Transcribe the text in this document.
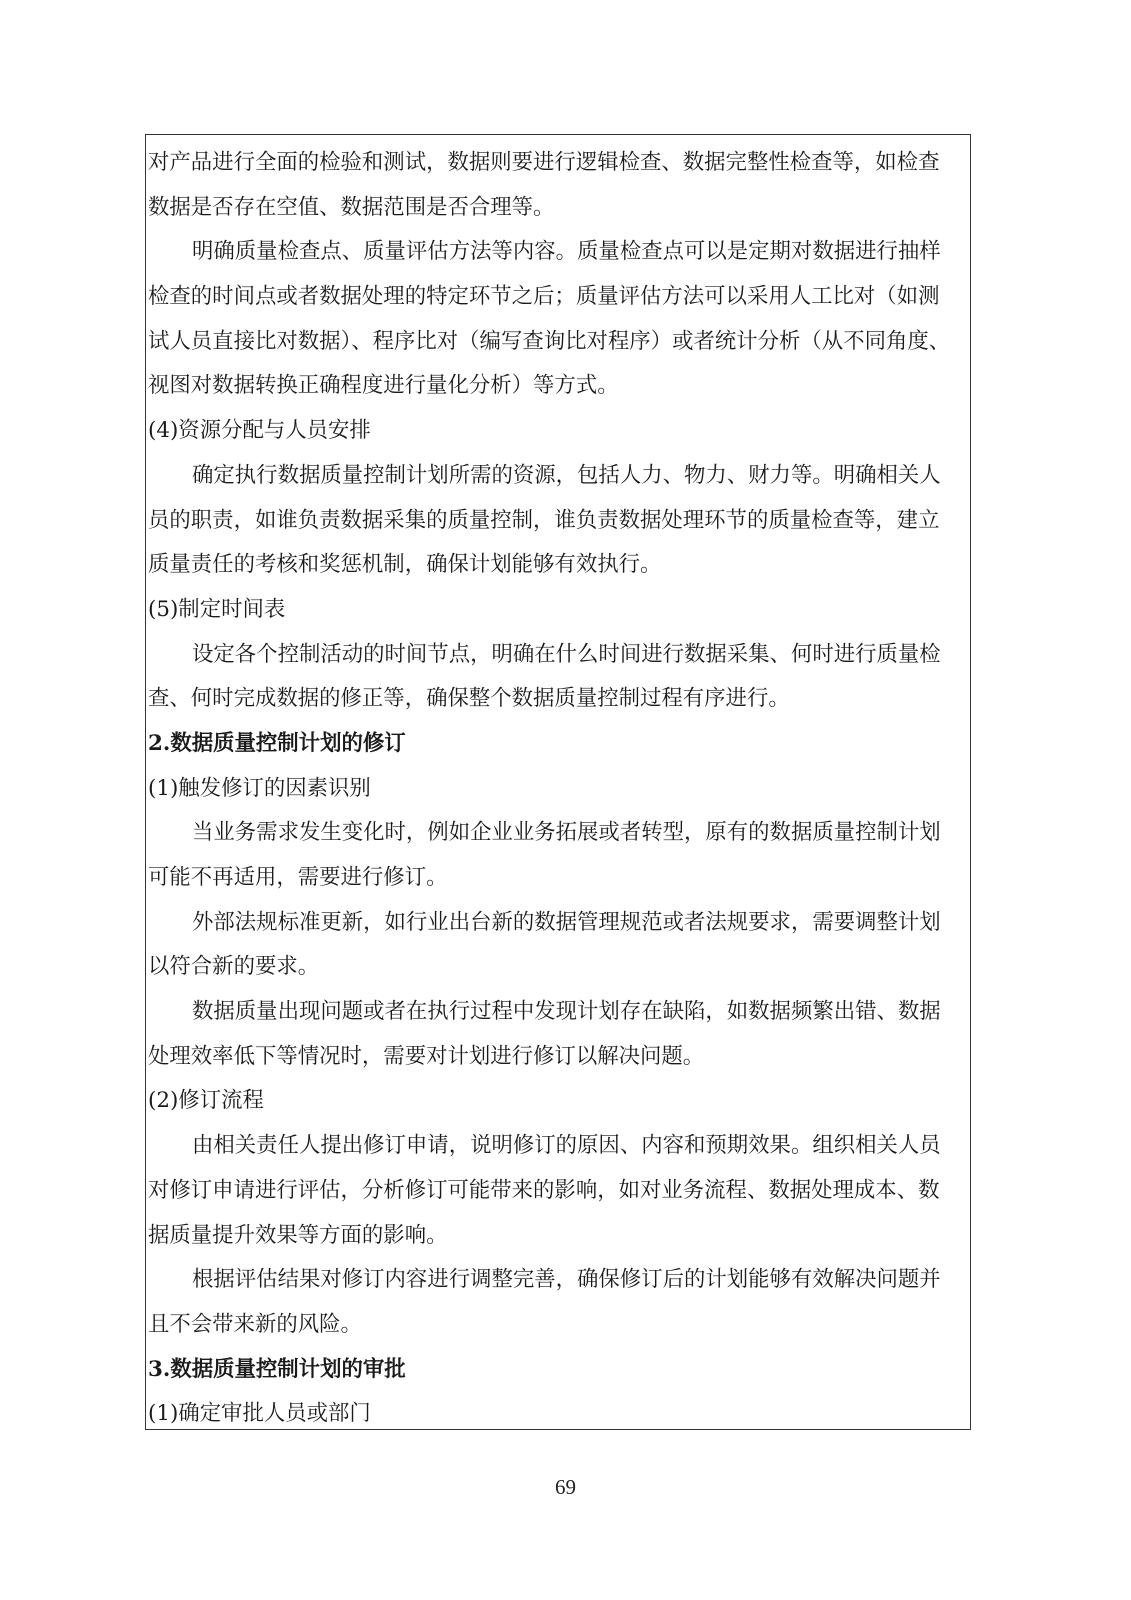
对产品进行全面的检验和测试，数据则要进行逻辑检查、数据完整性检查等，如检查
数据是否存在空值、数据范围是否合理等。
明确质量检查点、质量评估方法等内容。质量检查点可以是定期对数据进行抽样
检查的时间点或者数据处理的特定环节之后；质量评估方法可以采用人工比对（如测
试人员直接比对数据）、程序比对（编写查询比对程序）或者统计分析（从不同角度、
视图对数据转换正确程度进行量化分析）等方式。
(4)资源分配与人员安排
确定执行数据质量控制计划所需的资源，包括人力、物力、财力等。明确相关人
员的职责，如谁负责数据采集的质量控制，谁负责数据处理环节的质量检查等，建立
质量责任的考核和奖惩机制，确保计划能够有效执行。
(5)制定时间表
设定各个控制活动的时间节点，明确在什么时间进行数据采集、何时进行质量检
查、何时完成数据的修正等，确保整个数据质量控制过程有序进行。
2.数据质量控制计划的修订
(1)触发修订的因素识别
当业务需求发生变化时，例如企业业务拓展或者转型，原有的数据质量控制计划
可能不再适用，需要进行修订。
外部法规标准更新，如行业出台新的数据管理规范或者法规要求，需要调整计划
以符合新的要求。
数据质量出现问题或者在执行过程中发现计划存在缺陷，如数据频繁出错、数据
处理效率低下等情况时，需要对计划进行修订以解决问题。
(2)修订流程
由相关责任人提出修订申请，说明修订的原因、内容和预期效果。组织相关人员
对修订申请进行评估，分析修订可能带来的影响，如对业务流程、数据处理成本、数
据质量提升效果等方面的影响。
根据评估结果对修订内容进行调整完善，确保修订后的计划能够有效解决问题并
且不会带来新的风险。
3.数据质量控制计划的审批
(1)确定审批人员或部门
69
